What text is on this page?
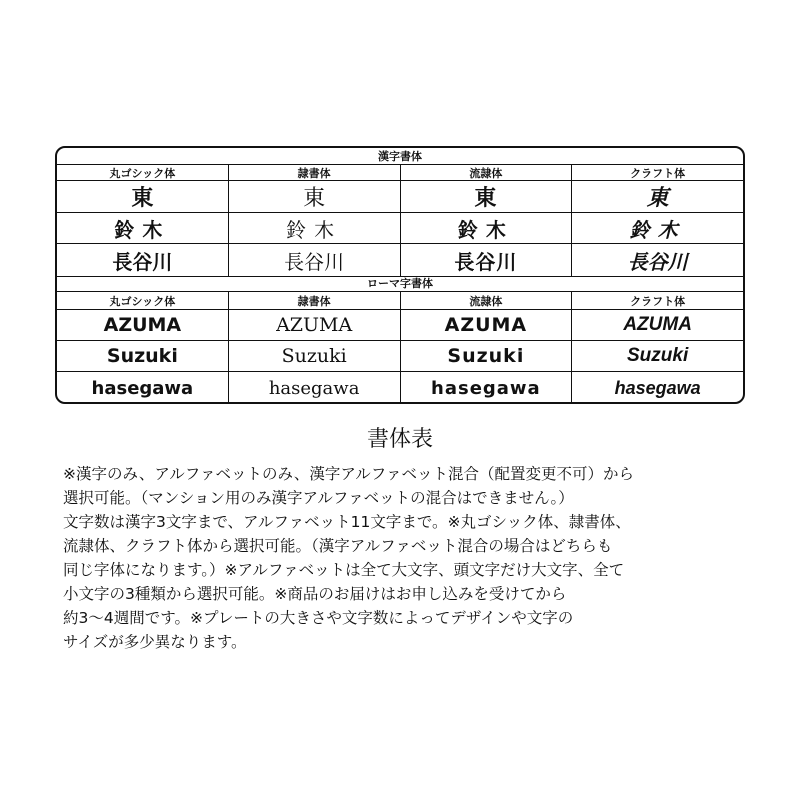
漢字書体
丸ゴシック体	隷書体	流隷体	クラフト体
東	東	東	東
鈴木	鈴木	鈴木	鈴木
長谷川	長谷川	長谷川	長谷川
ローマ字書体
丸ゴシック体	隷書体	流隷体	クラフト体
AZUMA	AZUMA	AZUMA	AZUMA
Suzuki	Suzuki	Suzuki	Suzuki
hasegawa	hasegawa	hasegawa	hasegawa
書体表
※漢字のみ、アルファベットのみ、漢字アルファベット混合（配置変更不可）から
選択可能。（マンション用のみ漢字アルファベットの混合はできません。）
文字数は漢字3文字まで、アルファベット11文字まで。※丸ゴシック体、隷書体、
流隷体、クラフト体から選択可能。（漢字アルファベット混合の場合はどちらも
同じ字体になります。）※アルファベットは全て大文字、頭文字だけ大文字、全て
小文字の3種類から選択可能。※商品のお届けはお申し込みを受けてから
約3～4週間です。※プレートの大きさや文字数によってデザインや文字の
サイズが多少異なります。
